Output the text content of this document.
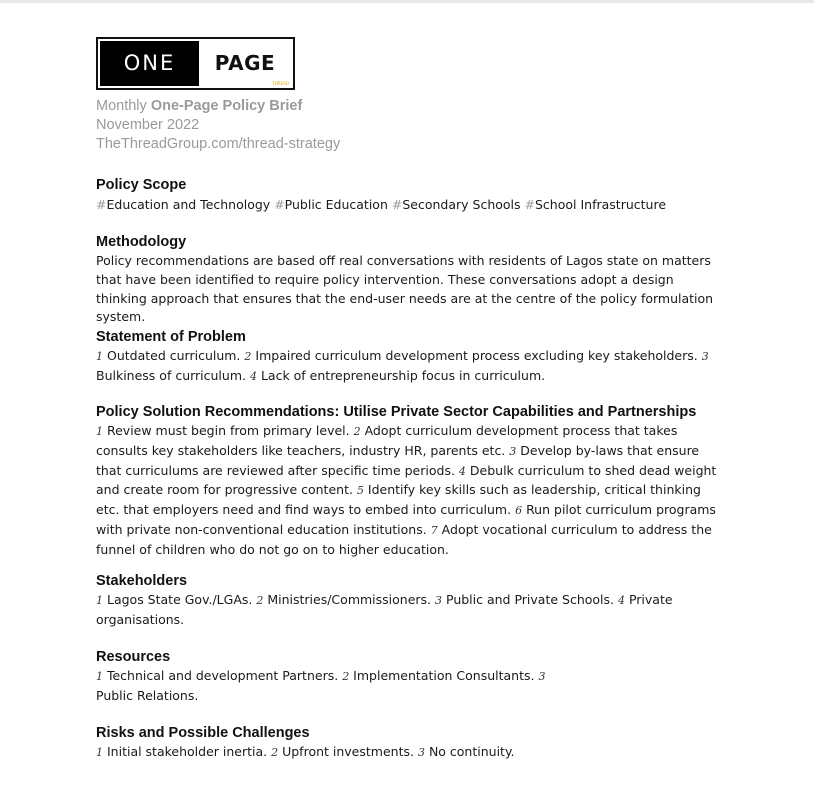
ONE	PAGE
THREAD
Monthly One-Page Policy Brief
November 2022
TheThreadGroup.com/thread-strategy

Policy Scope

#Education and Technology #Public Education #Secondary Schools #School Infrastructure

Methodology

Policy recommendations are based off real conversations with residents of Lagos state on matters that have been identified to require policy intervention. These conversations adopt a design thinking approach that ensures that the end-user needs are at the centre of the policy formulation system.

Statement of Problem

1 Outdated curriculum. 2 Impaired curriculum development process excluding key stakeholders. 3 Bulkiness of curriculum. 4 Lack of entrepreneurship focus in curriculum.

Policy Solution Recommendations: Utilise Private Sector Capabilities and Partnerships

1 Review must begin from primary level. 2 Adopt curriculum development process that takes consults key stakeholders like teachers, industry HR, parents etc. 3 Develop by-laws that ensure that curriculums are reviewed after specific time periods. 4 Debulk curriculum to shed dead weight and create room for progressive content. 5 Identify key skills such as leadership, critical thinking etc. that employers need and find ways to embed into curriculum. 6 Run pilot curriculum programs with private non-conventional education institutions. 7 Adopt vocational curriculum to address the funnel of children who do not go on to higher education.

Stakeholders

1 Lagos State Gov./LGAs. 2 Ministries/Commissioners. 3 Public and Private Schools. 4 Private organisations.

Resources

1 Technical and development Partners. 2 Implementation Consultants. 3 Public Relations.

Risks and Possible Challenges

1 Initial stakeholder inertia. 2 Upfront investments. 3 No continuity.
